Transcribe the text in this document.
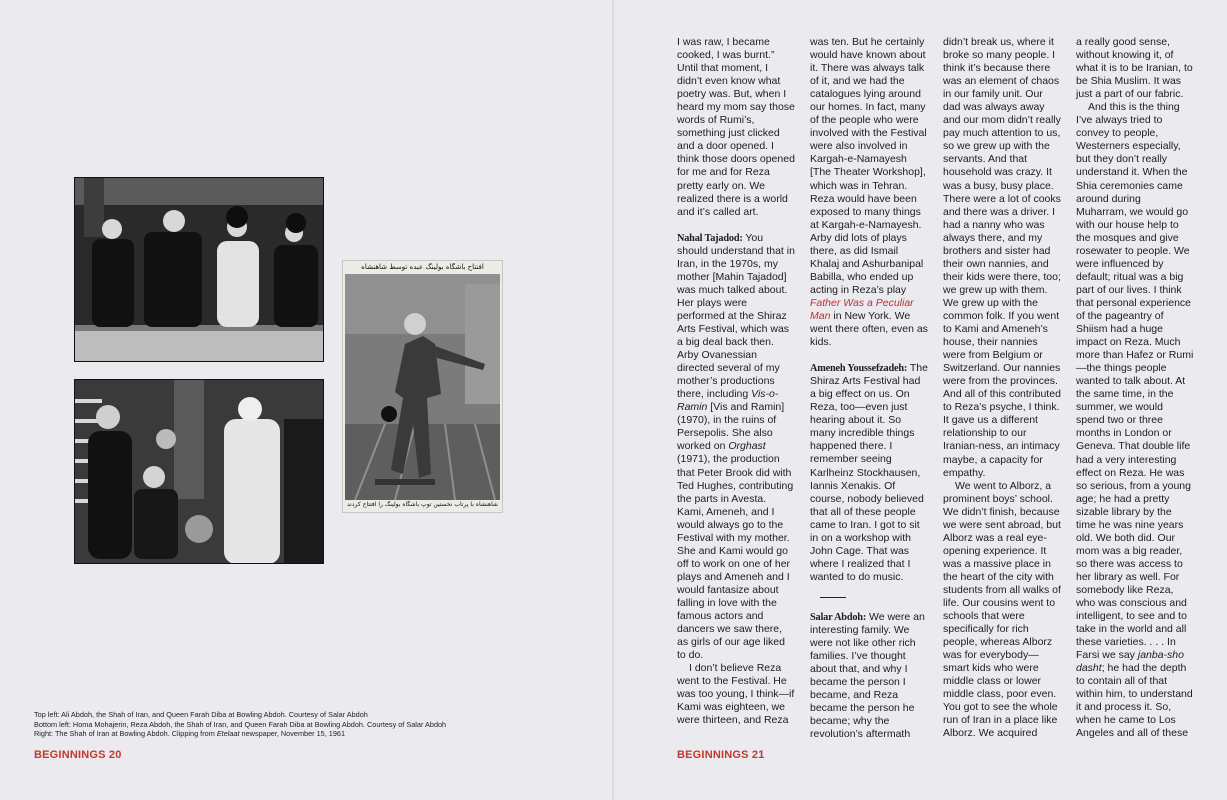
افتتاح باشگاه بولینگ عبده توسط شاهنشاه
شاهنشاه با پرتاب نخستین توپ باشگاه بولینگ را افتتاح کردند
Top left: Ali Abdoh, the Shah of Iran, and Queen Farah Diba at Bowling Abdoh. Courtesy of Salar Abdoh
Bottom left: Homa Mohajerin, Reza Abdoh, the Shah of Iran, and Queen Farah Diba at Bowling Abdoh. Courtesy of Salar Abdoh
Right: The Shah of Iran at Bowling Abdoh. Clipping from Etelaat newspaper, November 15, 1961
BEGINNINGS 20

I was raw, I became cooked, I was burnt.” Until that moment, I didn’t even know what poetry was. But, when I heard my mom say those words of Rumi’s, something just clicked and a door opened. I think those doors opened for me and for Reza pretty early on. We realized there is a world and it’s called art.

Nahal Tajadod: You should understand that in Iran, in the 1970s, my mother [Mahin Tajadod] was much talked about. Her plays were performed at the Shiraz Arts Festival, which was a big deal back then. Arby Ovanessian directed several of my mother’s productions there, including Vis-o-Ramin [Vis and Ramin] (1970), in the ruins of Persepolis. She also worked on Orghast (1971), the production that Peter Brook did with Ted Hughes, contributing the parts in Avesta. Kami, Ameneh, and I would always go to the Festival with my mother. She and Kami would go off to work on one of her plays and Ameneh and I would fantasize about falling in love with the famous actors and dancers we saw there, as girls of our age liked to do.

I don’t believe Reza went to the Festival. He was too young, I think—if Kami was eighteen, we were thirteen, and Reza

was ten. But he certainly would have known about it. There was always talk of it, and we had the catalogues lying around our homes. In fact, many of the people who were involved with the Festival were also involved in Kargah-e-Namayesh [The Theater Workshop], which was in Tehran. Reza would have been exposed to many things at Kargah-e-Namayesh. Arby did lots of plays there, as did Ismail Khalaj and Ashurbanipal Babilla, who ended up acting in Reza’s play Father Was a Peculiar Man in New York. We went there often, even as kids.

Ameneh Youssefzadeh: The Shiraz Arts Festival had a big effect on us. On Reza, too—even just hearing about it. So many incredible things happened there. I remember seeing Karlheinz Stockhausen, Iannis Xenakis. Of course, nobody believed that all of these people came to Iran. I got to sit in on a workshop with John Cage. That was where I realized that I wanted to do music.

Salar Abdoh: We were an interesting family. We were not like other rich families. I’ve thought about that, and why I became the person I became, and Reza became the person he became; why the revolution’s aftermath

didn’t break us, where it broke so many people. I think it’s because there was an element of chaos in our family unit. Our dad was always away and our mom didn’t really pay much attention to us, so we grew up with the servants. And that household was crazy. It was a busy, busy place. There were a lot of cooks and there was a driver. I had a nanny who was always there, and my brothers and sister had their own nannies, and their kids were there, too; we grew up with them. We grew up with the common folk. If you went to Kami and Ameneh’s house, their nannies were from Belgium or Switzerland. Our nannies were from the provinces. And all of this contributed to Reza’s psyche, I think. It gave us a different relationship to our Iranian-ness, an intimacy maybe, a capacity for empathy.

We went to Alborz, a prominent boys’ school. We didn’t finish, because we were sent abroad, but Alborz was a real eye-opening experience. It was a massive place in the heart of the city with students from all walks of life. Our cousins went to schools that were specifically for rich people, whereas Alborz was for everybody—smart kids who were middle class or lower middle class, poor even. You got to see the whole run of Iran in a place like Alborz. We acquired

a really good sense, without knowing it, of what it is to be Iranian, to be Shia Muslim. It was just a part of our fabric.

And this is the thing I’ve always tried to convey to people, Westerners especially, but they don’t really understand it. When the Shia ceremonies came around during Muharram, we would go with our house help to the mosques and give rosewater to people. We were influenced by default; ritual was a big part of our lives. I think that personal experience of the pageantry of Shiism had a huge impact on Reza. Much more than Hafez or Rumi—the things people wanted to talk about. At the same time, in the summer, we would spend two or three months in London or Geneva. That double life had a very interesting effect on Reza. He was so serious, from a young age; he had a pretty sizable library by the time he was nine years old. We both did. Our mom was a big reader, so there was access to her library as well. For somebody like Reza, who was conscious and intelligent, to see and to take in the world and all these varieties. . . . In Farsi we say janba-sho dasht; he had the depth to contain all of that within him, to understand it and process it. So, when he came to Los Angeles and all of these

BEGINNINGS 21
